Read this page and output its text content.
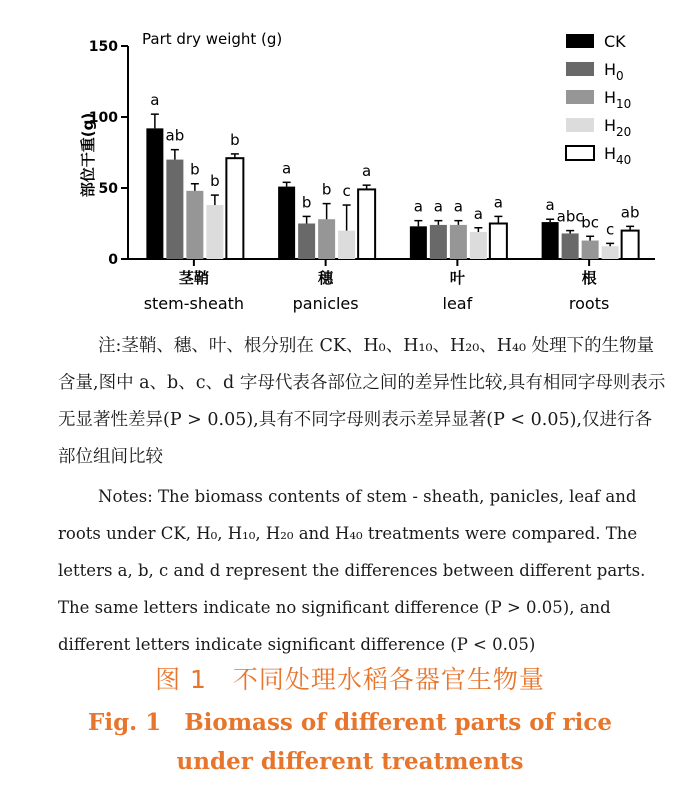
0
50
100
150 Part dry weight (g)
部位干重(g)
茎鞘
stem-sheath
穗
panicles
叶
leaf
根
roots
a
ab
b
b
b
a
b
b c
a
a a a a
a	a
abc
bc c
ab
CK
$H_0$
$H_{10}$
$H_{20}$
$H_{40}$
注:茎鞘、穗、叶、根分别在 CK、H₀、H₁₀、H₂₀、H₄₀ 处理下的生物量含量,图中 a、b、c、d 字母代表各部位之间的差异性比较,具有相同字母则表示无显著性差异(P > 0.05),具有不同字母则表示差异显著(P < 0.05),仅进行各部位组间比较
Notes: The biomass contents of stem - sheath, panicles, leaf and roots under CK, H₀, H₁₀, H₂₀ and H₄₀ treatments were compared. The letters a, b, c and d represent the differences between different parts. The same letters indicate no significant difference (P > 0.05), and different letters indicate significant difference (P < 0.05)
图 1　不同处理水稻各器官生物量
Fig. 1　Biomass of different parts of rice
under different treatments
